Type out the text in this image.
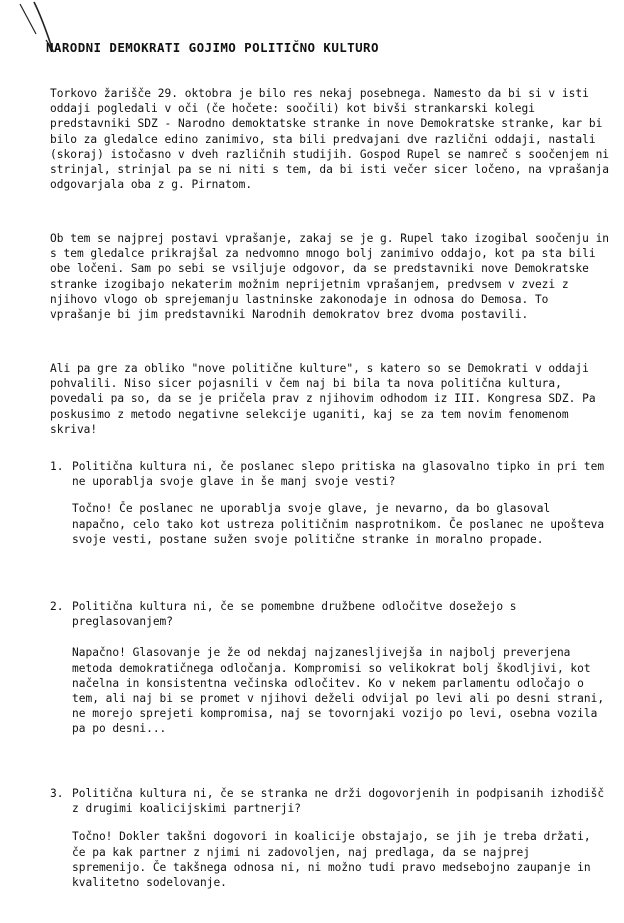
NARODNI DEMOKRATI GOJIMO POLITIČNO KULTURO

Torkovo žarišče 29. oktobra je bilo res nekaj posebnega. Namesto da bi si v isti oddaji pogledali v oči (če hočete: soočili) kot bivši strankarski kolegi predstavniki SDZ - Narodno demoktatske stranke in nove Demokratske stranke, kar bi bilo za gledalce edino zanimivo, sta bili predvajani dve različni oddaji, nastali (skoraj) istočasno v dveh različnih studijih. Gospod Rupel se namreč s soočenjem ni strinjal, strinjal pa se ni niti s tem, da bi isti večer sicer ločeno, na vprašanja odgovarjala oba z g. Pirnatom.

Ob tem se najprej postavi vprašanje, zakaj se je g. Rupel tako izogibal soočenju in s tem gledalce prikrajšal za nedvomno mnogo bolj zanimivo oddajo, kot pa sta bili obe ločeni. Sam po sebi se vsiljuje odgovor, da se predstavniki nove Demokratske stranke izogibajo nekaterim možnim neprijetnim vprašanjem, predvsem v zvezi z njihovo vlogo ob sprejemanju lastninske zakonodaje in odnosa do Demosa. To vprašanje bi jim predstavniki Narodnih demokratov brez dvoma postavili.

Ali pa gre za obliko "nove politične kulture", s katero so se Demokrati v oddaji pohvalili. Niso sicer pojasnili v čem naj bi bila ta nova politična kultura, povedali pa so, da se je pričela prav z njihovim odhodom iz III. Kongresa SDZ. Pa poskusimo z metodo negativne selekcije uganiti, kaj se za tem novim fenomenom skriva!

1. Politična kultura ni, če poslanec slepo pritiska na glasovalno tipko in pri tem ne uporablja svoje glave in še manj svoje vesti?
Točno! Če poslanec ne uporablja svoje glave, je nevarno, da bo glasoval napačno, celo tako kot ustreza političnim nasprotnikom. Če poslanec ne upošteva svoje vesti, postane sužen svoje politične stranke in moralno propade.
2. Politična kultura ni, če se pomembne družbene odločitve dosežejo s preglasovanjem?
Napačno! Glasovanje je že od nekdaj najzanesljivejša in najbolj preverjena metoda demokratičnega odločanja. Kompromisi so velikokrat bolj škodljivi, kot načelna in konsistentna večinska odločitev. Ko v nekem parlamentu odločajo o tem, ali naj bi se promet v njihovi deželi odvijal po levi ali po desni strani, ne morejo sprejeti kompromisa, naj se tovornjaki vozijo po levi, osebna vozila pa po desni...
3. Politična kultura ni, če se stranka ne drži dogovorjenih in podpisanih izhodišč z drugimi koalicijskimi partnerji?
Točno! Dokler takšni dogovori in koalicije obstajajo, se jih je treba držati, če pa kak partner z njimi ni zadovoljen, naj predlaga, da se najprej spremenijo. Če takšnega odnosa ni, ni možno tudi pravo medsebojno zaupanje in kvalitetno sodelovanje.
